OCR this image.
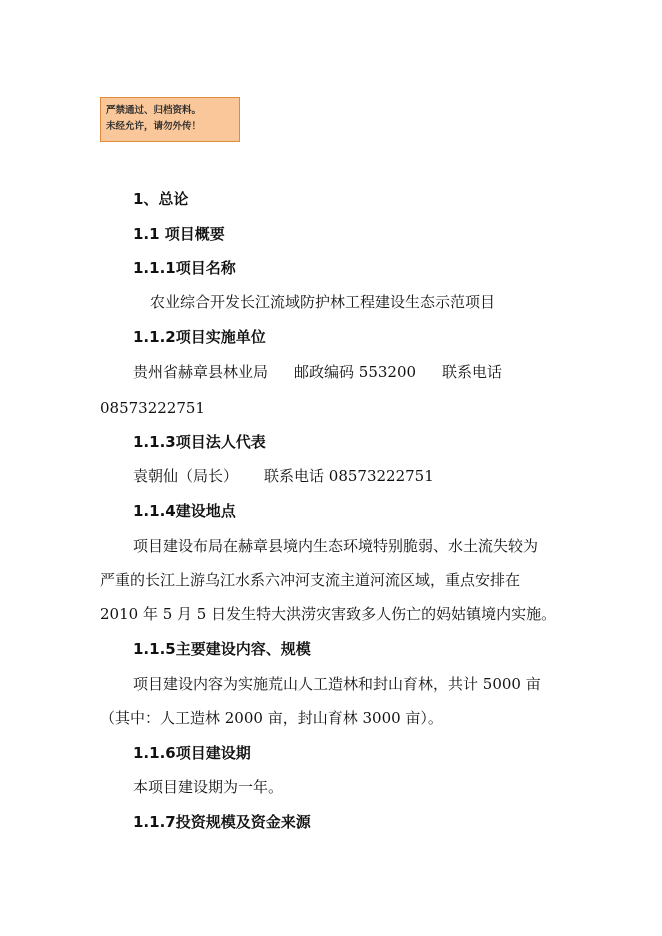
严禁通过、归档资料。
未经允许，请勿外传！
1、总论
1.1 项目概要
1.1.1项目名称
农业综合开发长江流域防护林工程建设生态示范项目
1.1.2项目实施单位
贵州省赫章县林业局 邮政编码 553200 联系电话
08573222751
1.1.3项目法人代表
袁朝仙（局长） 联系电话 08573222751
1.1.4建设地点
项目建设布局在赫章县境内生态环境特别脆弱、水土流失较为
严重的长江上游乌江水系六冲河支流主道河流区域，重点安排在
2010 年 5 月 5 日发生特大洪涝灾害致多人伤亡的妈姑镇境内实施。
1.1.5主要建设内容、规模
项目建设内容为实施荒山人工造林和封山育林，共计 5000 亩
（其中：人工造林 2000 亩，封山育林 3000 亩）。
1.1.6项目建设期
本项目建设期为一年。
1.1.7投资规模及资金来源
